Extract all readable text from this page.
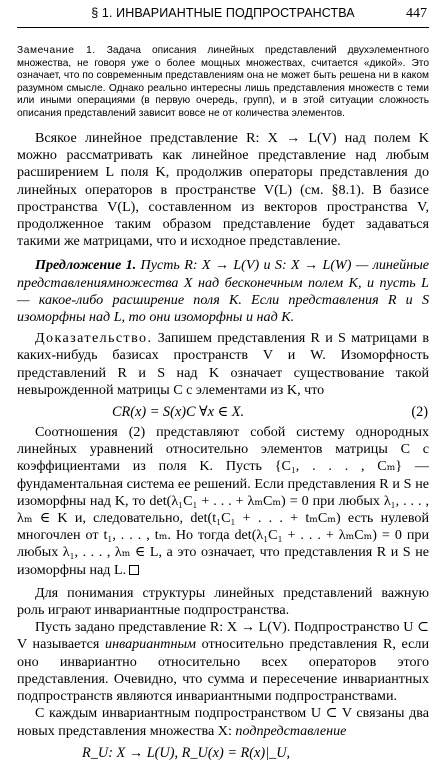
§ 1. ИНВАРИАНТНЫЕ ПОДПРОСТРАНСТВА	447
Замечание 1. Задача описания линейных представлений двухэлементного множества, не говоря уже о более мощных множествах, считается «дикой». Это означает, что по современным представлениям она не может быть решена ни в каком разумном смысле. Однако реально интересны лишь представления множеств с теми или иными операциями (в первую очередь, групп), и в этой ситуации сложность описания представлений зависит вовсе не от количества элементов.

Всякое линейное представление R: X → L(V) над полем K можно рассматривать как линейное представление над любым расширением L поля K, продолжив операторы представления до линейных операторов в пространстве V(L) (см. §8.1). В базисе пространства V(L), составленном из векторов пространства V, продолженное таким образом представление будет задаваться такими же матрицами, что и исходное представление.

Предложение 1. Пусть R: X → L(V) и S: X → L(W) — линейные представлениямножества X над бесконечным полем K, и пусть L — какое-либо расширение поля K. Если представления R и S изоморфны над L, то они изоморфны и над K.

Доказательство. Запишем представления R и S матрицами в каких-нибудь базисах пространств V и W. Изоморфность представлений R и S над K означает существование такой невырожденной матрицы C с элементами из K, что

CR(x) = S(x)C ∀x ∈ X.	(2)

Соотношения (2) представляют собой систему однородных линейных уравнений относительно элементов матрицы C с коэффициентами из поля K. Пусть {C₁, . . . , Cₘ} — фундаментальная система ее решений. Если представления R и S не изоморфны над K, то det(λ₁C₁ + . . . + λₘCₘ) = 0 при любых λ₁, . . . , λₘ ∈ K и, следовательно, det(t₁C₁ + . . . + tₘCₘ) есть нулевой многочлен от t₁, . . . , tₘ. Но тогда det(λ₁C₁ + . . . + λₘCₘ) = 0 при любых λ₁, . . . , λₘ ∈ L, а это означает, что представления R и S не изоморфны над L.

Для понимания структуры линейных представлений важную роль играют инвариантные подпространства.

Пусть задано представление R: X → L(V). Подпространство U ⊂ V называется инвариантным относительно представления R, если оно инвариантно относительно всех операторов этого представления. Очевидно, что сумма и пересечение инвариантных подпространств являются инвариантными подпространствами.

С каждым инвариантным подпространством U ⊂ V связаны два новых представления множества X: подпредставление

R_U: X → L(U), R_U(x) = R(x)|_U,
